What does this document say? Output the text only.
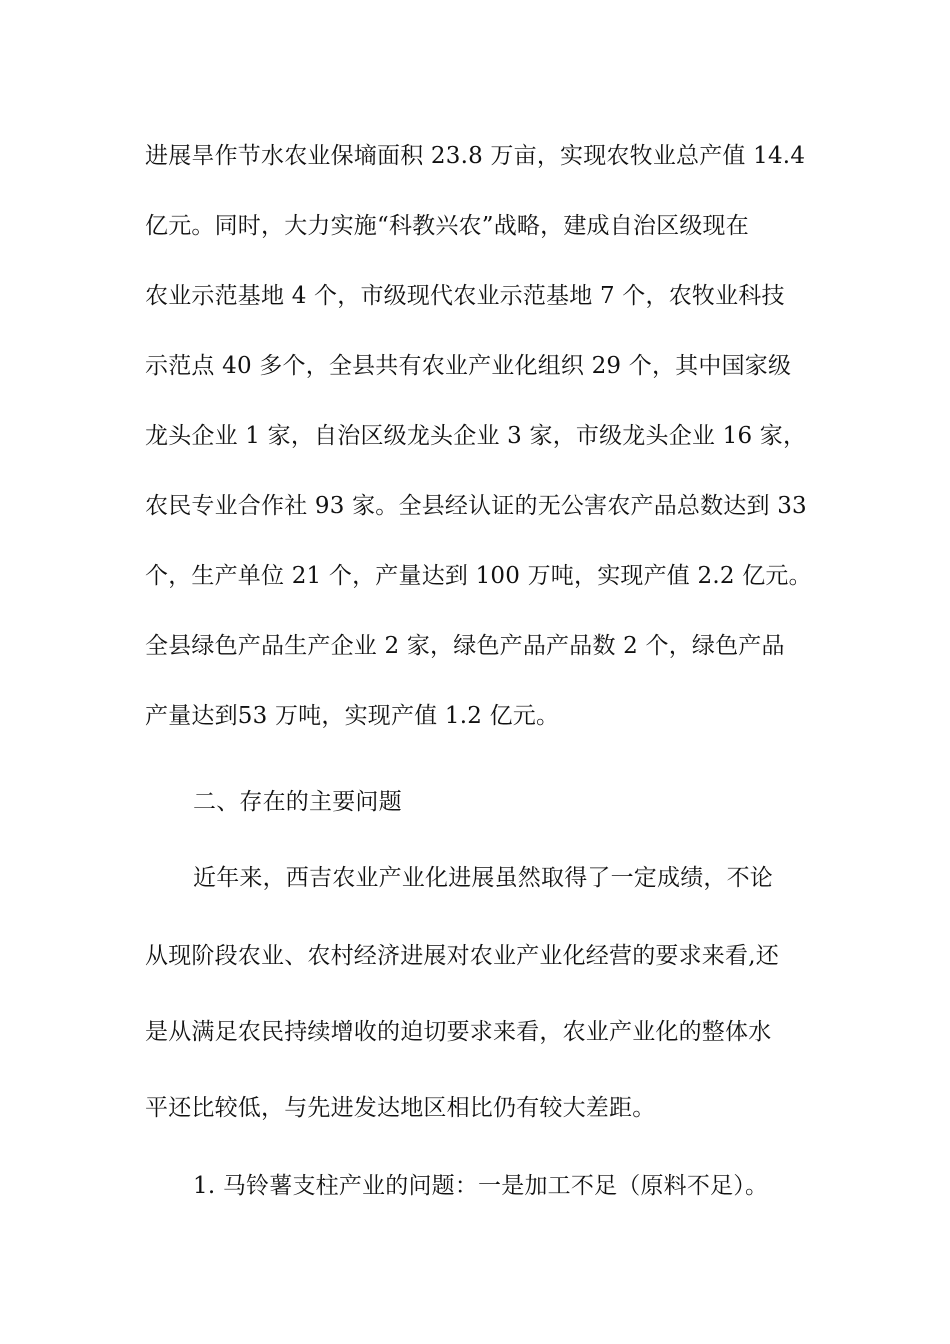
进展旱作节水农业保墒面积 23.8 万亩，实现农牧业总产值 14.4
亿元。同时，大力实施“科教兴农”战略，建成自治区级现在
农业示范基地 4 个，市级现代农业示范基地 7 个，农牧业科技
示范点 40 多个，全县共有农业产业化组织 29 个，其中国家级
龙头企业 1 家，自治区级龙头企业 3 家，市级龙头企业 16 家，
农民专业合作社 93 家。全县经认证的无公害农产品总数达到 33
个，生产单位 21 个，产量达到 100 万吨，实现产值 2.2 亿元。
全县绿色产品生产企业 2 家，绿色产品产品数 2 个，绿色产品
产量达到53 万吨，实现产值 1.2 亿元。
二、存在的主要问题
近年来，西吉农业产业化进展虽然取得了一定成绩，不论
从现阶段农业、农村经济进展对农业产业化经营的要求来看,还
是从满足农民持续增收的迫切要求来看，农业产业化的整体水
平还比较低，与先进发达地区相比仍有较大差距。
1. 马铃薯支柱产业的问题：一是加工不足（原料不足）。
